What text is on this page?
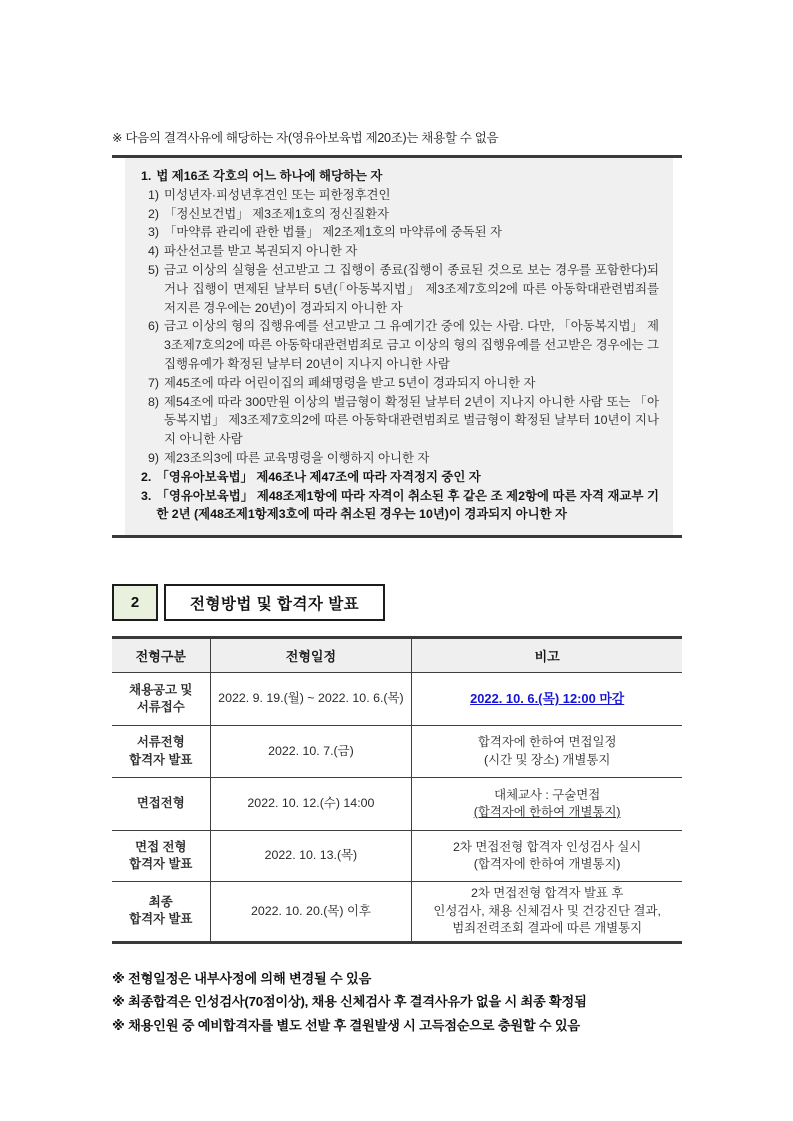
※ 다음의 결격사유에 해당하는 자(영유아보육법 제20조)는 채용할 수 없음
1. 법 제16조 각호의 어느 하나에 해당하는 자
1) 미성년자·피성년후견인 또는 피한정후견인
2) 「정신보건법」 제3조제1호의 정신질환자
3) 「마약류 관리에 관한 법률」 제2조제1호의 마약류에 중독된 자
4) 파산선고를 받고 복권되지 아니한 자
5) 금고 이상의 실형을 선고받고 그 집행이 종료(집행이 종료된 것으로 보는 경우를 포함한다)되거나 집행이 면제된 날부터 5년(「아동복지법」 제3조제7호의2에 따른 아동학대관련범죄를 저지른 경우에는 20년)이 경과되지 아니한 자
6) 금고 이상의 형의 집행유예를 선고받고 그 유예기간 중에 있는 사람. 다만, 「아동복지법」 제3조제7호의2에 따른 아동학대관련범죄로 금고 이상의 형의 집행유예를 선고받은 경우에는 그 집행유예가 확정된 날부터 20년이 지나지 아니한 사람
7) 제45조에 따라 어린이집의 폐쇄명령을 받고 5년이 경과되지 아니한 자
8) 제54조에 따라 300만원 이상의 벌금형이 확정된 날부터 2년이 지나지 아니한 사람 또는 「아동복지법」 제3조제7호의2에 따른 아동학대관련범죄로 벌금형이 확정된 날부터 10년이 지나지 아니한 사람
9) 제23조의3에 따른 교육명령을 이행하지 아니한 자
2. 「영유아보육법」 제46조나 제47조에 따라 자격정지 중인 자
3. 「영유아보육법」 제48조제1항에 따라 자격이 취소된 후 같은 조 제2항에 따른 자격 재교부 기한 2년 (제48조제1항제3호에 따라 취소된 경우는 10년)이 경과되지 아니한 자
2	전형방법 및 합격자 발표
전형구분	전형일정	비고

채용공고 및
서류접수	2022. 9. 19.(월) ~ 2022. 10. 6.(목)	2022. 10. 6.(목) 12:00 마감

서류전형
합격자 발표	2022. 10. 7.(금)	합격자에 한하여 면접일정
(시간 및 장소) 개별통지

면접전형	2022. 10. 12.(수) 14:00	대체교사 : 구술면접
(합격자에 한하여 개별통지)

면접 전형
합격자 발표	2022. 10. 13.(목)	2차 면접전형 합격자 인성검사 실시
(합격자에 한하여 개별통지)

최종
합격자 발표	2022. 10. 20.(목) 이후	2차 면접전형 합격자 발표 후
인성검사, 채용 신체검사 및 건강진단 결과,
범죄전력조회 결과에 따른 개별통지
※ 전형일정은 내부사정에 의해 변경될 수 있음
※ 최종합격은 인성검사(70점이상), 채용 신체검사 후 결격사유가 없을 시 최종 확정됨
※ 채용인원 중 예비합격자를 별도 선발 후 결원발생 시 고득점순으로 충원할 수 있음
